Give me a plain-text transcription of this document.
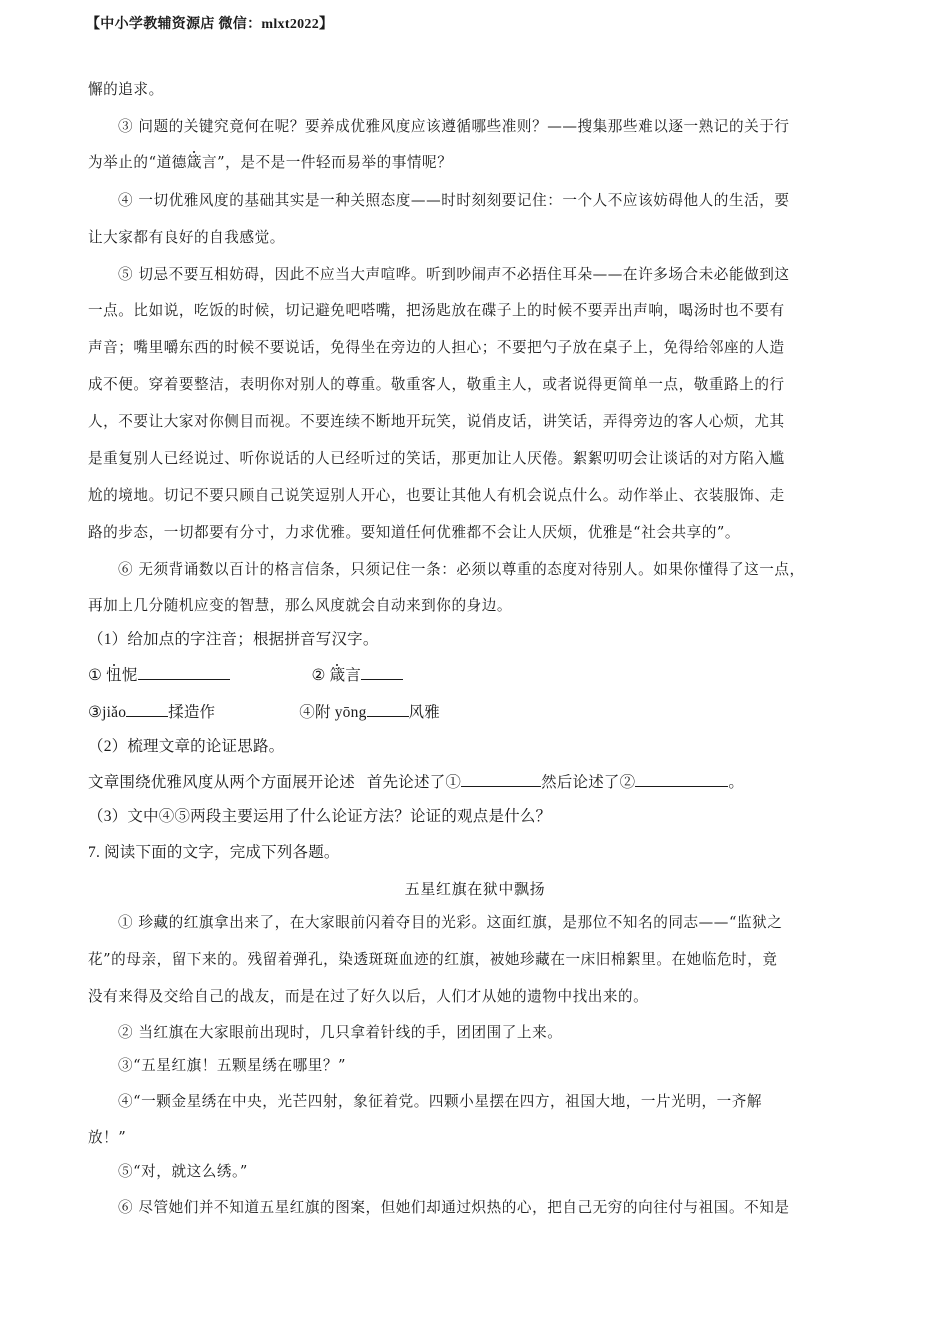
【中小学教辅资源店 微信：mlxt2022】
懈的追求。
③ 问题的关键究竟何在呢？要养成优雅风度应该遵循哪些准则？——搜集那些难以逐一熟记的关于行
为举止的“道德箴言”，是不是一件轻而易举的事情呢？
④ 一切优雅风度的基础其实是一种关照态度——时时刻刻要记住：一个人不应该妨碍他人的生活，要
让大家都有良好的自我感觉。
⑤ 切忌不要互相妨碍，因此不应当大声喧哗。听到吵闹声不必捂住耳朵——在许多场合未必能做到这
一点。比如说，吃饭的时候，切记避免吧嗒嘴，把汤匙放在碟子上的时候不要弄出声响，喝汤时也不要有
声音；嘴里嚼东西的时候不要说话，免得坐在旁边的人担心；不要把勺子放在桌子上，免得给邻座的人造
成不便。穿着要整洁，表明你对别人的尊重。敬重客人，敬重主人，或者说得更简单一点，敬重路上的行
人，不要让大家对你侧目而视。不要连续不断地开玩笑，说俏皮话，讲笑话，弄得旁边的客人心烦，尤其
是重复别人已经说过、听你说话的人已经听过的笑话，那更加让人厌倦。絮絮叨叨会让谈话的对方陷入尴
尬的境地。切记不要只顾自己说笑逗别人开心，也要让其他人有机会说点什么。动作举止、衣装服饰、走
路的步态，一切都要有分寸，力求优雅。要知道任何优雅都不会让人厌烦，优雅是“社会共享的”。
⑥ 无须背诵数以百计的格言信条，只须记住一条：必须以尊重的态度对待别人。如果你懂得了这一点，
再加上几分随机应变的智慧，那么风度就会自动来到你的身边。
（1）给加点的字注音；根据拼音写汉字。
① 忸怩	② 箴言
③jiǎo	揉造作	④附 yōng	风雅
（2）梳理文章的论证思路。
文章围绕优雅风度从两个方面展开论述 首先论述了①	然后论述了②	。
（3）文中④⑤两段主要运用了什么论证方法？论证的观点是什么？
7. 阅读下面的文字，完成下列各题。
五星红旗在狱中飘扬
① 珍藏的红旗拿出来了，在大家眼前闪着夺目的光彩。这面红旗，是那位不知名的同志——“监狱之
花”的母亲，留下来的。残留着弹孔，染透斑斑血迹的红旗，被她珍藏在一床旧棉絮里。在她临危时，竟
没有来得及交给自己的战友，而是在过了好久以后，人们才从她的遗物中找出来的。
② 当红旗在大家眼前出现时，几只拿着针线的手，团团围了上来。
③“五星红旗！五颗星绣在哪里？”
④“一颗金星绣在中央，光芒四射，象征着党。四颗小星摆在四方，祖国大地，一片光明，一齐解
放！”
⑤“对，就这么绣。”
⑥ 尽管她们并不知道五星红旗的图案，但她们却通过炽热的心，把自己无穷的向往付与祖国。不知是
